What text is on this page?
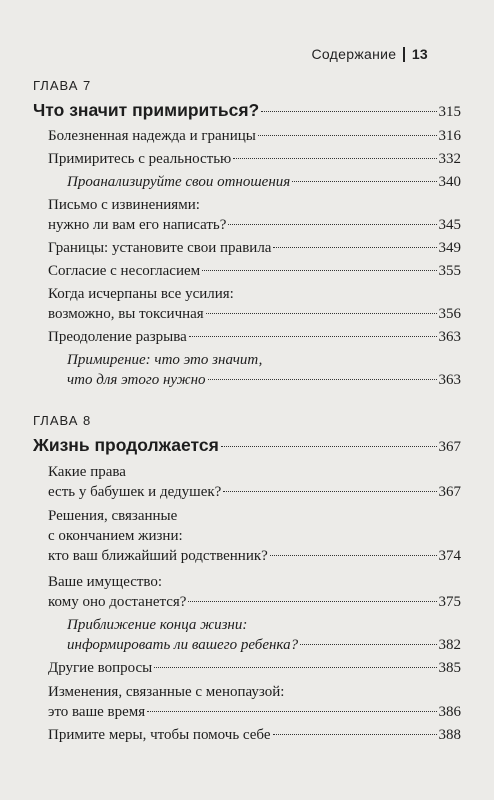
Содержание 13
ГЛАВА 7
Что значит примириться?	315
Болезненная надежда и границы	316
Примиритесь с реальностью	332
Проанализируйте свои отношения	340
Письмо с извинениями:
нужно ли вам его написать?	345
Границы: установите свои правила	349
Согласие с несогласием	355
Когда исчерпаны все усилия:
возможно, вы токсичная	356
Преодоление разрыва	363
Примирение: что это значит,
что для этого нужно	363
ГЛАВА 8
Жизнь продолжается	367
Какие права
есть у бабушек и дедушек?	367
Решения, связанные
с окончанием жизни:
кто ваш ближайший родственник?	374
Ваше имущество:
кому оно достанется?	375
Приближение конца жизни:
информировать ли вашего ребенка?	382
Другие вопросы	385
Изменения, связанные с менопаузой:
это ваше время	386
Примите меры, чтобы помочь себе	388
